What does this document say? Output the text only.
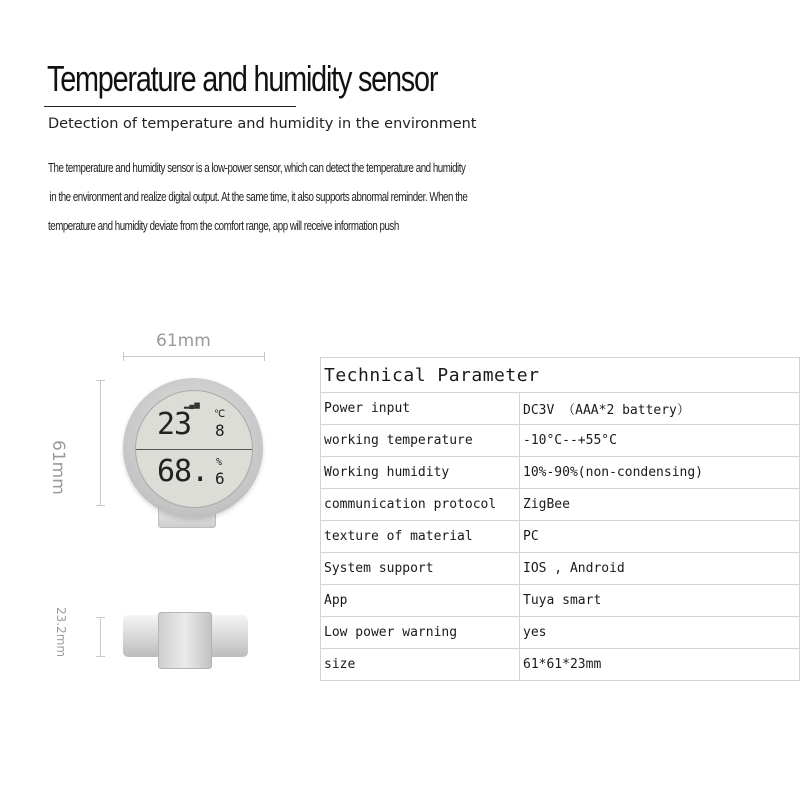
Temperature and humidity sensor

Detection of temperature and humidity in the environment

The temperature and humidity sensor is a low-power sensor, which can detect the temperature and humidity
in the environment and realize digital output. At the same time, it also supports abnormal reminder. When the
temperature and humidity deviate from the comfort range, app will receive information push
61mm
61mm
▂▄▆
23 ℃
8
68. %
6
23.2mm
Technical Parameter	
Power input	DC3V （AAA*2 battery）
working temperature	-10°C--+55°C
Working humidity	10%-90%(non-condensing)
communication protocol	ZigBee
texture of material	PC
System support	IOS , Android
App	Tuya smart
Low power warning	yes
size	61*61*23mm
